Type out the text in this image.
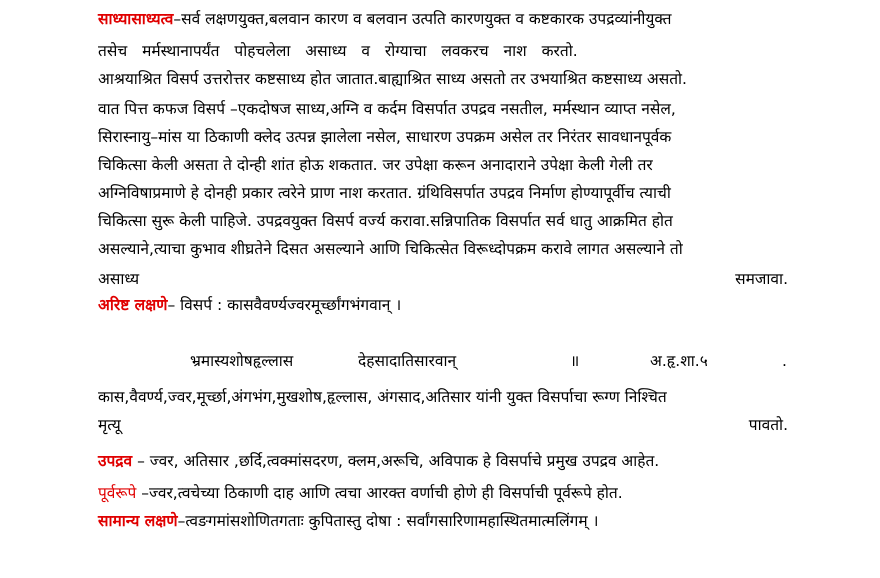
साध्यासाध्यत्व–सर्व लक्षणयुक्त,बलवान कारण व बलवान उत्पति कारणयुक्त व कष्टकारक उपद्रव्यांनीयुक्त
तसेच मर्मस्थानापर्यंत पोहचलेला असाध्य व रोग्याचा लवकरच नाश करतो.
आश्रयाश्रित विसर्प उत्तरोत्तर कष्टसाध्य होत जातात.बाह्याश्रित साध्य असतो तर उभयाश्रित कष्टसाध्य असतो.
वात पित्त कफज विसर्प –एकदोषज साध्य,अग्नि व कर्दम विसर्पात उपद्रव नसतील, मर्मस्थान व्याप्त नसेल,
सिरास्नायु–मांस या ठिकाणी क्लेद उत्पन्न झालेला नसेल, साधारण उपक्रम असेल तर निरंतर सावधानपूर्वक
चिकित्सा केली असता ते दोन्ही शांत होऊ शकतात. जर उपेक्षा करून अनादाराने उपेक्षा केली गेली तर
अग्निविषाप्रमाणे हे दोनही प्रकार त्वरेने प्राण नाश करतात. ग्रंथिविसर्पात उपद्रव निर्माण होण्यापूर्वीच त्याची
चिकित्सा सुरू केली पाहिजे. उपद्रवयुक्त विसर्प वर्ज्य करावा.सन्निपातिक विसर्पात सर्व धातु आक्रमित होत
असल्याने,त्याचा कुभाव शीघ्रतेने दिसत असल्याने आणि चिकित्सेत विरूध्दोपक्रम करावे लागत असल्याने तो
असाध्य	समजावा.
अरिष्ट लक्षणे– विसर्प : कासवैवर्ण्यज्वरमूर्च्छांगभंगवान् ।
भ्रमास्यशोषहृल्लास	देहसादातिसारवान्	॥	अ.हृ.शा.५	.
कास,वैवर्ण्य,ज्वर,मूर्च्छा,अंगभंग,मुखशोष,हृल्लास, अंगसाद,अतिसार यांनी युक्त विसर्पाचा रूग्ण निश्चित
मृत्यू	पावतो.
उपद्रव – ज्वर, अतिसार ,छर्दि,त्वक्मांसदरण, क्लम,अरूचि, अविपाक हे विसर्पाचे प्रमुख उपद्रव आहेत.
पूर्वरूपे –ज्वर,त्वचेच्या ठिकाणी दाह आणि त्वचा आरक्त वर्णाची होणे ही विसर्पाची पूर्वरूपे होत.
सामान्य लक्षणे–त्वङगमांसशोणितगताः कुपितास्तु दोषा : सर्वांगसारिणामहास्थितमात्मलिंगम् ।
